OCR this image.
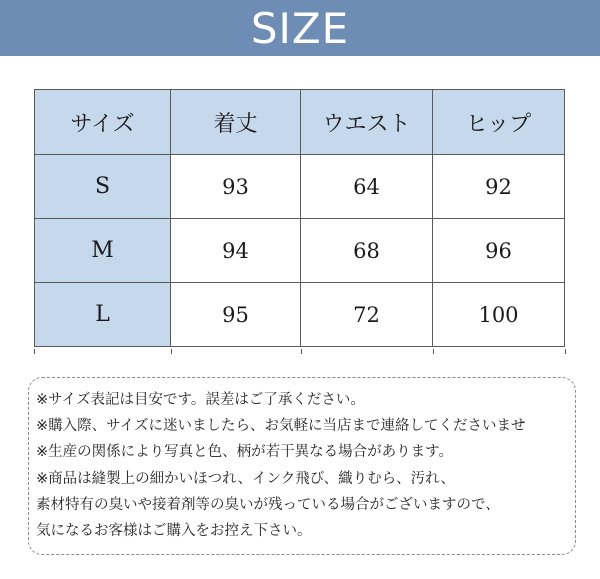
SIZE
サイズ	着丈	ウエスト	ヒップ
S	93	64	92
M	94	68	96
L	95	72	100
※サイズ表記は目安です。誤差はご了承ください。
※購入際、サイズに迷いましたら、お気軽に当店まで連絡してくださいませ
※生産の関係により写真と色、柄が若干異なる場合があります。
※商品は縫製上の細かいほつれ、インク飛び、織りむら、汚れ、
素材特有の臭いや接着剤等の臭いが残っている場合がございますので、
気になるお客様はご購入をお控え下さい。
